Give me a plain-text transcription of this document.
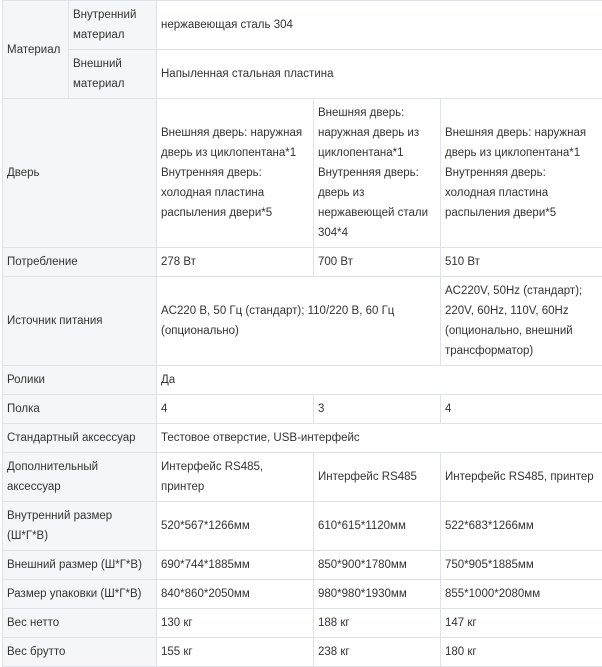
Материал	Внутренний материал	нержавеющая сталь 304		
	Внешний материал	Напыленная стальная пластина		
Дверь		Внешняя дверь: наружная дверь из циклопентана*1 Внутренняя дверь: холодная пластина распыления двери*5	Внешняя дверь: наружная дверь из циклопентана*1 Внутренняя дверь: дверь из нержавеющей стали 304*4	Внешняя дверь: наружная дверь из циклопентана*1 Внутренняя дверь: холодная пластина распыления двери*5
Потребление		278 Вт	700 Вт	510 Вт
Источник питания		AC220 В, 50 Гц (стандарт); 110/220 В, 60 Гц (опционально)		AC220V, 50Hz (стандарт); 220V, 60Hz, 110V, 60Hz (опционально, внешний трансформатор)
Ролики		Да		
Полка		4	3	4
Стандартный аксессуар		Тестовое отверстие, USB-интерфейс		
Дополнительный аксессуар		Интерфейс RS485, принтер	Интерфейс RS485	Интерфейс RS485, принтер
Внутренний размер (Ш*Г*В)		520*567*1266мм	610*615*1120мм	522*683*1266мм
Внешний размер (Ш*Г*В)		690*744*1885мм	850*900*1780мм	750*905*1885мм
Размер упаковки (Ш*Г*В)		840*860*2050мм	980*980*1930мм	855*1000*2080мм
Вес нетто		130 кг	188 кг	147 кг
Вес брутто		155 кг	238 кг	180 кг
